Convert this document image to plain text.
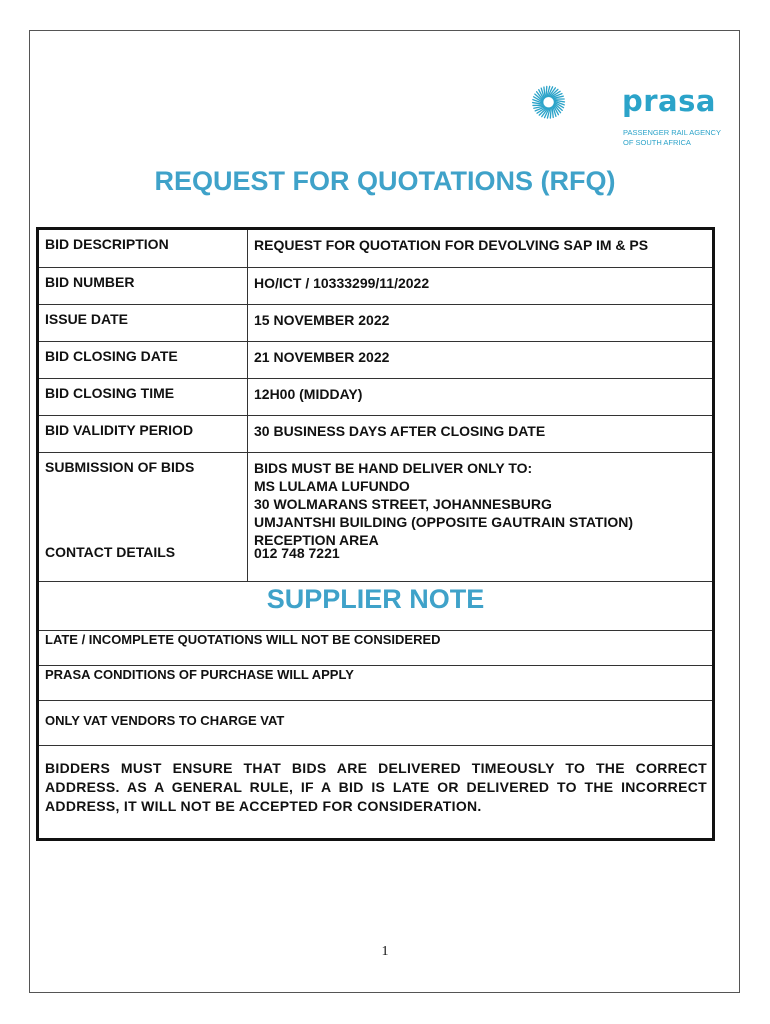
prasa
PASSENGER RAIL AGENCY OF SOUTH AFRICA
REQUEST FOR QUOTATIONS (RFQ)
BID DESCRIPTION	REQUEST FOR QUOTATION FOR DEVOLVING SAP IM & PS
BID NUMBER	HO/ICT / 10333299/11/2022
ISSUE DATE	15 NOVEMBER 2022
BID CLOSING DATE	21 NOVEMBER 2022
BID CLOSING TIME	12H00 (MIDDAY)
BID VALIDITY PERIOD	30 BUSINESS DAYS AFTER CLOSING DATE
SUBMISSION OF BIDS	BIDS MUST BE HAND DELIVER ONLY TO:
MS LULAMA LUFUNDO
30 WOLMARANS STREET, JOHANNESBURG
UMJANTSHI BUILDING (OPPOSITE GAUTRAIN STATION)
RECEPTION AREA
CONTACT DETAILS	012 748 7221
SUPPLIER NOTE
LATE / INCOMPLETE QUOTATIONS WILL NOT BE CONSIDERED
PRASA CONDITIONS OF PURCHASE WILL APPLY
ONLY VAT VENDORS TO CHARGE VAT
BIDDERS MUST ENSURE THAT BIDS ARE DELIVERED TIMEOUSLY TO THE CORRECT ADDRESS. AS A GENERAL RULE, IF A BID IS LATE OR DELIVERED TO THE INCORRECT ADDRESS, IT WILL NOT BE ACCEPTED FOR CONSIDERATION.
1
